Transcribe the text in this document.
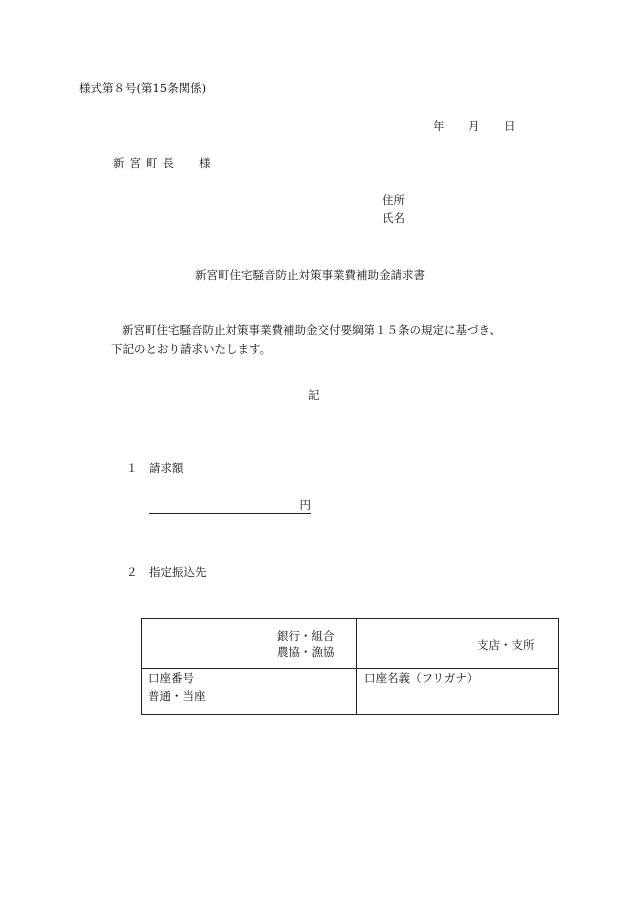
様式第８号(第15条関係)
年 月 日
新宮町長 様
住所
氏名
新宮町住宅騒音防止対策事業費補助金請求書
新宮町住宅騒音防止対策事業費補助金交付要綱第１５条の規定に基づき、
下記のとおり請求いたします。
記
１　請求額
円
２　指定振込先
銀行・組合
農協・漁協	支店・支所

口座番号
普通・当座	口座名義（フリガナ）
